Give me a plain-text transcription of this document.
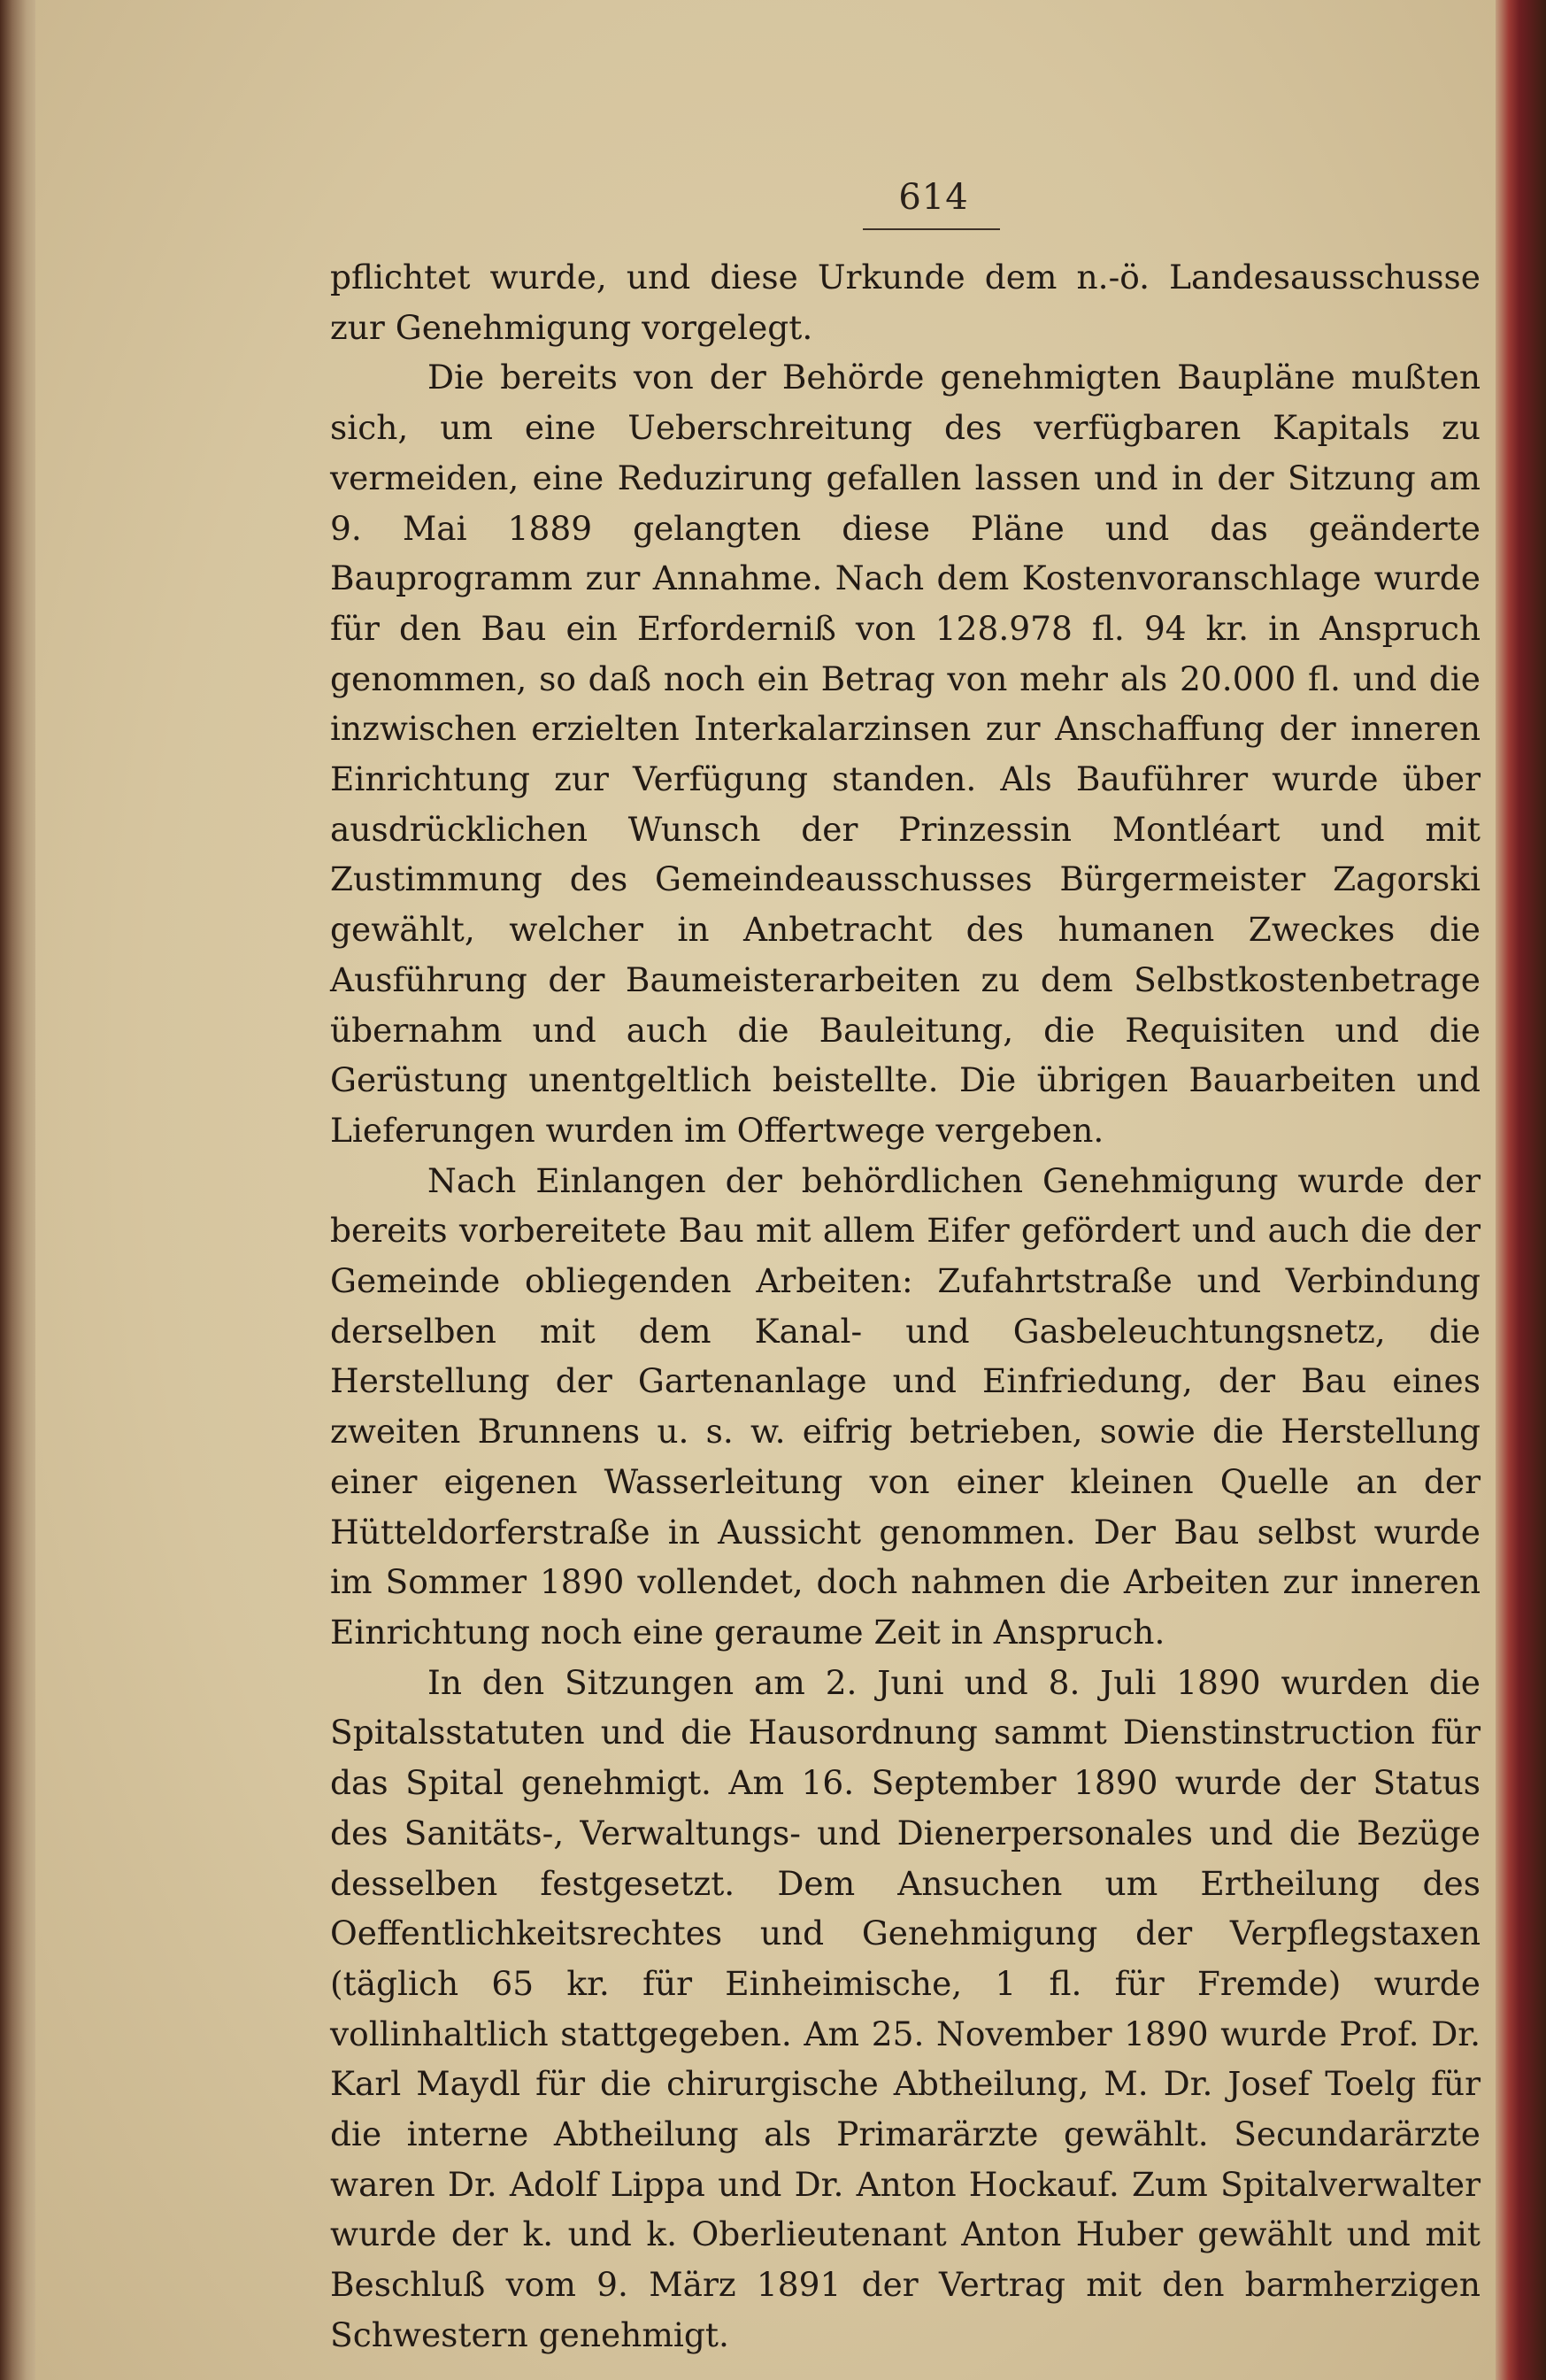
614

pflichtet wurde, und diese Urkunde dem n.-ö. Landesausschusse zur Genehmigung vorgelegt.

Die bereits von der Behörde genehmigten Baupläne mußten sich, um eine Ueberschreitung des verfügbaren Kapitals zu vermeiden, eine Reduzirung gefallen lassen und in der Sitzung am 9. Mai 1889 gelangten diese Pläne und das geänderte Bauprogramm zur Annahme. Nach dem Kostenvoranschlage wurde für den Bau ein Erforderniß von 128.978 fl. 94 kr. in Anspruch genommen, so daß noch ein Betrag von mehr als 20.000 fl. und die inzwischen erzielten Interkalarzinsen zur Anschaffung der inneren Einrichtung zur Verfügung standen. Als Bauführer wurde über ausdrücklichen Wunsch der Prinzessin Montléart und mit Zustimmung des Gemeindeausschusses Bürgermeister Zagorski gewählt, welcher in Anbetracht des humanen Zweckes die Ausführung der Baumeisterarbeiten zu dem Selbstkostenbetrage übernahm und auch die Bauleitung, die Requisiten und die Gerüstung unentgeltlich beistellte. Die übrigen Bauarbeiten und Lieferungen wurden im Offertwege vergeben.

Nach Einlangen der behördlichen Genehmigung wurde der bereits vorbereitete Bau mit allem Eifer gefördert und auch die der Gemeinde obliegenden Arbeiten: Zufahrtstraße und Verbindung derselben mit dem Kanal- und Gasbeleuchtungsnetz, die Herstellung der Gartenanlage und Einfriedung, der Bau eines zweiten Brunnens u. s. w. eifrig betrieben, sowie die Herstellung einer eigenen Wasserleitung von einer kleinen Quelle an der Hütteldorferstraße in Aussicht genommen. Der Bau selbst wurde im Sommer 1890 vollendet, doch nahmen die Arbeiten zur inneren Einrichtung noch eine geraume Zeit in Anspruch.

In den Sitzungen am 2. Juni und 8. Juli 1890 wurden die Spitalsstatuten und die Hausordnung sammt Dienstinstruction für das Spital genehmigt. Am 16. September 1890 wurde der Status des Sanitäts-, Verwaltungs- und Dienerpersonales und die Bezüge desselben festgesetzt. Dem Ansuchen um Ertheilung des Oeffentlichkeitsrechtes und Genehmigung der Verpflegstaxen (täglich 65 kr. für Einheimische, 1 fl. für Fremde) wurde vollinhaltlich stattgegeben. Am 25. November 1890 wurde Prof. Dr. Karl Maydl für die chirurgische Abtheilung, M. Dr. Josef Toelg für die interne Abtheilung als Primarärzte gewählt. Secundarärzte waren Dr. Adolf Lippa und Dr. Anton Hockauf. Zum Spitalverwalter wurde der k. und k. Oberlieutenant Anton Huber gewählt und mit Beschluß vom 9. März 1891 der Vertrag mit den barmherzigen Schwestern genehmigt.
